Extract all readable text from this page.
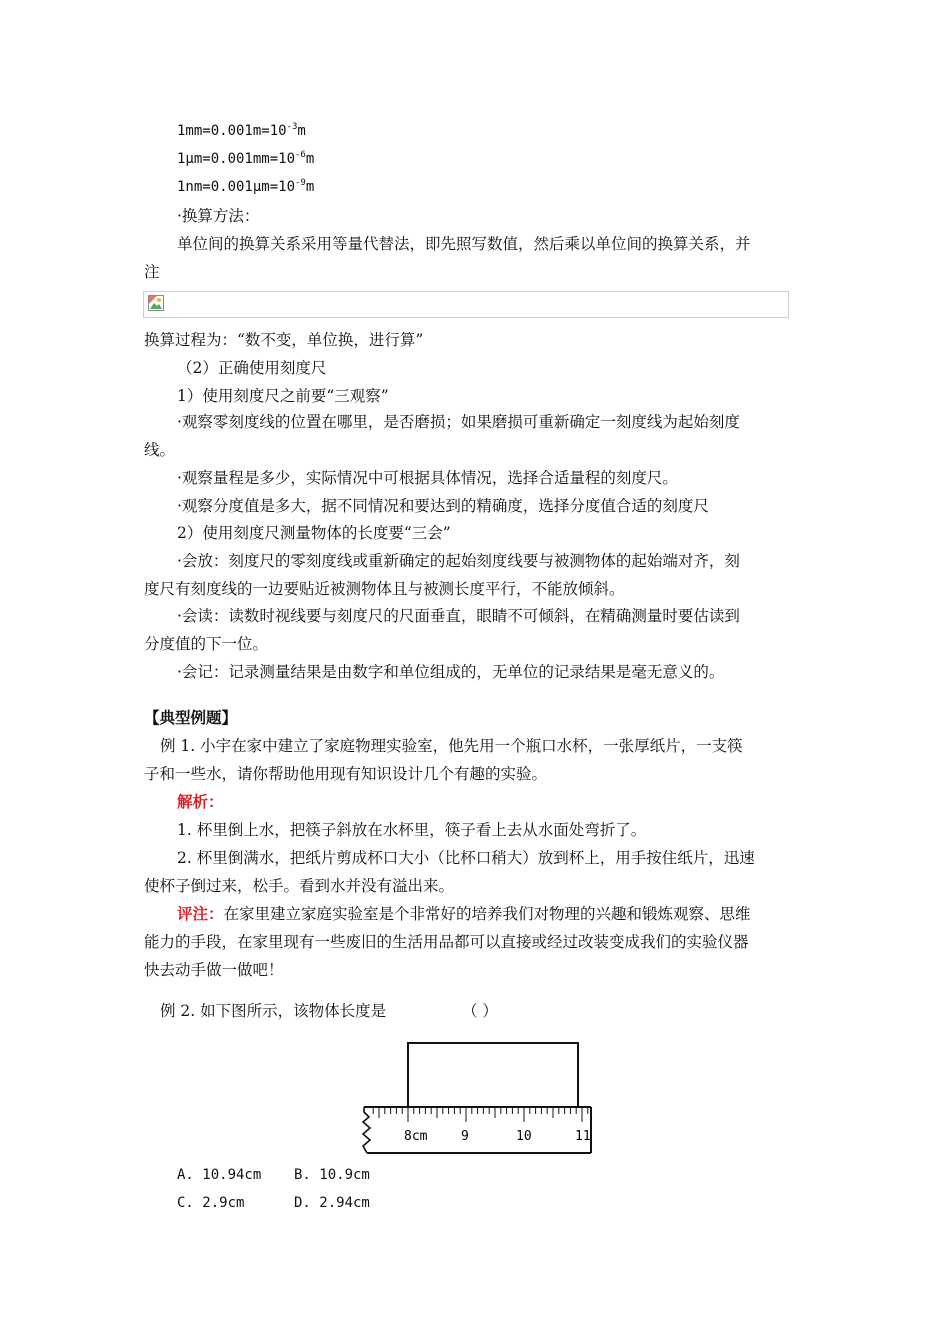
$1mm=0.001m=10^{-3}m$
$1\mu m=0.001mm=10^{-6}m$
$1nm=0.001\mu m=10^{-9}m$
·换算方法：
单位间的换算关系采用等量代替法，即先照写数值，然后乘以单位间的换算关系，并
注
换算过程为：“数不变，单位换，进行算”
（2）正确使用刻度尺
1）使用刻度尺之前要“三观察”
·观察零刻度线的位置在哪里，是否磨损；如果磨损可重新确定一刻度线为起始刻度
线。
·观察量程是多少，实际情况中可根据具体情况，选择合适量程的刻度尺。
·观察分度值是多大，据不同情况和要达到的精确度，选择分度值合适的刻度尺
2）使用刻度尺测量物体的长度要“三会”
·会放：刻度尺的零刻度线或重新确定的起始刻度线要与被测物体的起始端对齐，刻
度尺有刻度线的一边要贴近被测物体且与被测长度平行，不能放倾斜。
·会读：读数时视线要与刻度尺的尺面垂直，眼睛不可倾斜，在精确测量时要估读到
分度值的下一位。
·会记：记录测量结果是由数字和单位组成的，无单位的记录结果是毫无意义的。
【典型例题】
例 1. 小宇在家中建立了家庭物理实验室，他先用一个瓶口水杯，一张厚纸片，一支筷
子和一些水，请你帮助他用现有知识设计几个有趣的实验。
解析：
1. 杯里倒上水，把筷子斜放在水杯里，筷子看上去从水面处弯折了。
2. 杯里倒满水，把纸片剪成杯口大小（比杯口稍大）放到杯上，用手按住纸片，迅速
使杯子倒过来，松手。看到水并没有溢出来。
评注：在家里建立家庭实验室是个非常好的培养我们对物理的兴趣和锻炼观察、思维
能力的手段，在家里现有一些废旧的生活用品都可以直接或经过改装变成我们的实验仪器
快去动手做一做吧！
例 2. 如下图所示，该物体长度是	（ ）
8cm	9	10	11
A. 10.94cm B. 10.9cm
C. 2.9cm	D. 2.94cm
